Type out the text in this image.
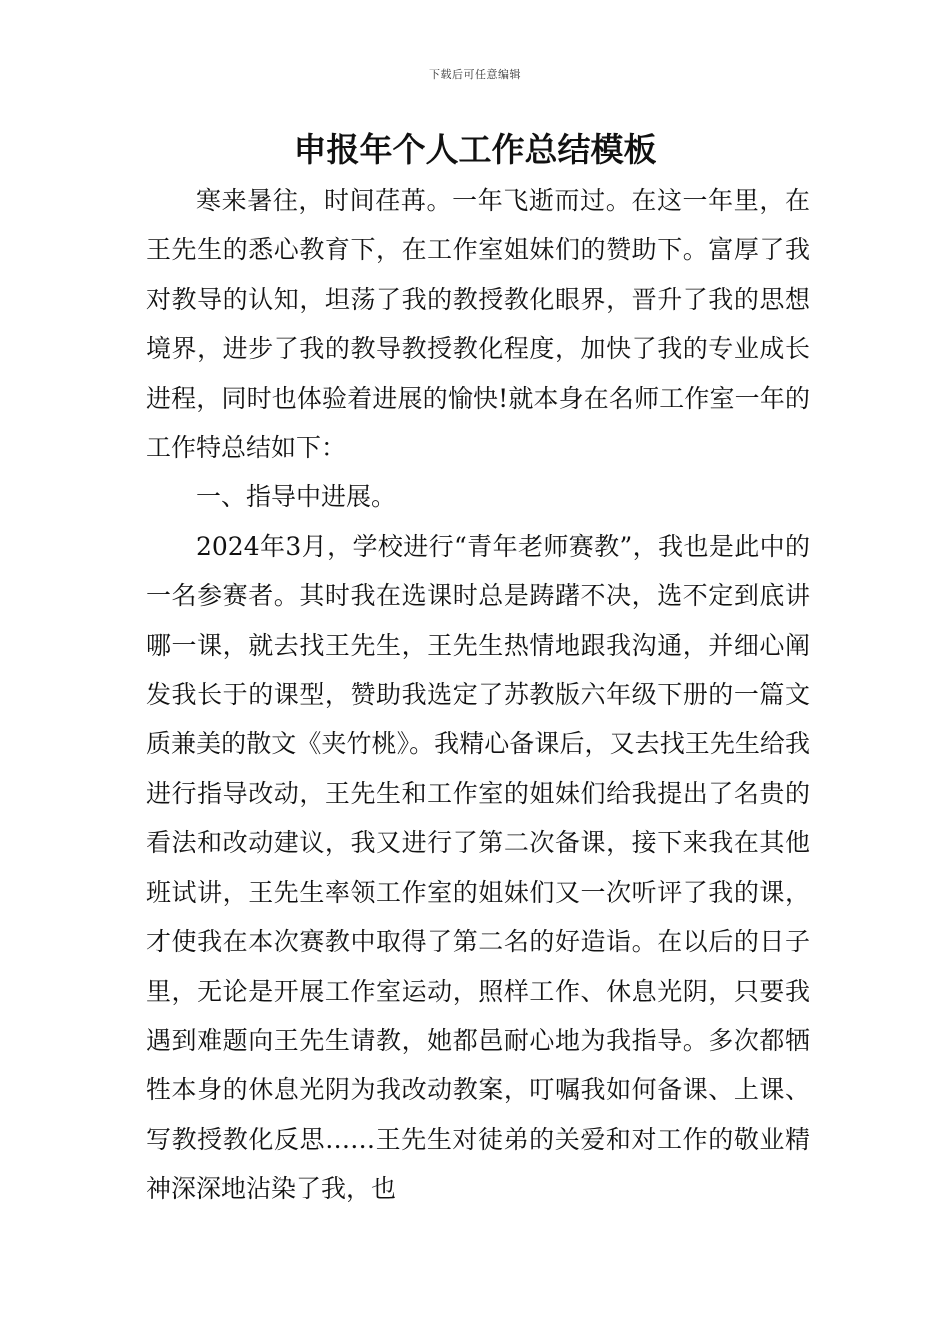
下载后可任意编辑
申报年个人工作总结模板

寒来暑往，时间荏苒。一年飞逝而过。在这一年里，在王先生的悉心教育下，在工作室姐妹们的赞助下。富厚了我对教导的认知，坦荡了我的教授教化眼界，晋升了我的思想境界，进步了我的教导教授教化程度，加快了我的专业成长进程，同时也体验着进展的愉快!就本身在名师工作室一年的工作特总结如下：

一、指导中进展。

2024年3月，学校进行“青年老师赛教”，我也是此中的一名参赛者。其时我在选课时总是踌躇不决，选不定到底讲哪一课，就去找王先生，王先生热情地跟我沟通，并细心阐发我长于的课型，赞助我选定了苏教版六年级下册的一篇文质兼美的散文《夹竹桃》。我精心备课后，又去找王先生给我进行指导改动，王先生和工作室的姐妹们给我提出了名贵的看法和改动建议，我又进行了第二次备课，接下来我在其他班试讲，王先生率领工作室的姐妹们又一次听评了我的课，才使我在本次赛教中取得了第二名的好造诣。在以后的日子里，无论是开展工作室运动，照样工作、休息光阴，只要我遇到难题向王先生请教，她都邑耐心地为我指导。多次都牺牲本身的休息光阴为我改动教案，叮嘱我如何备课、上课、写教授教化反思……王先生对徒弟的关爱和对工作的敬业精神深深地沾染了我，也
